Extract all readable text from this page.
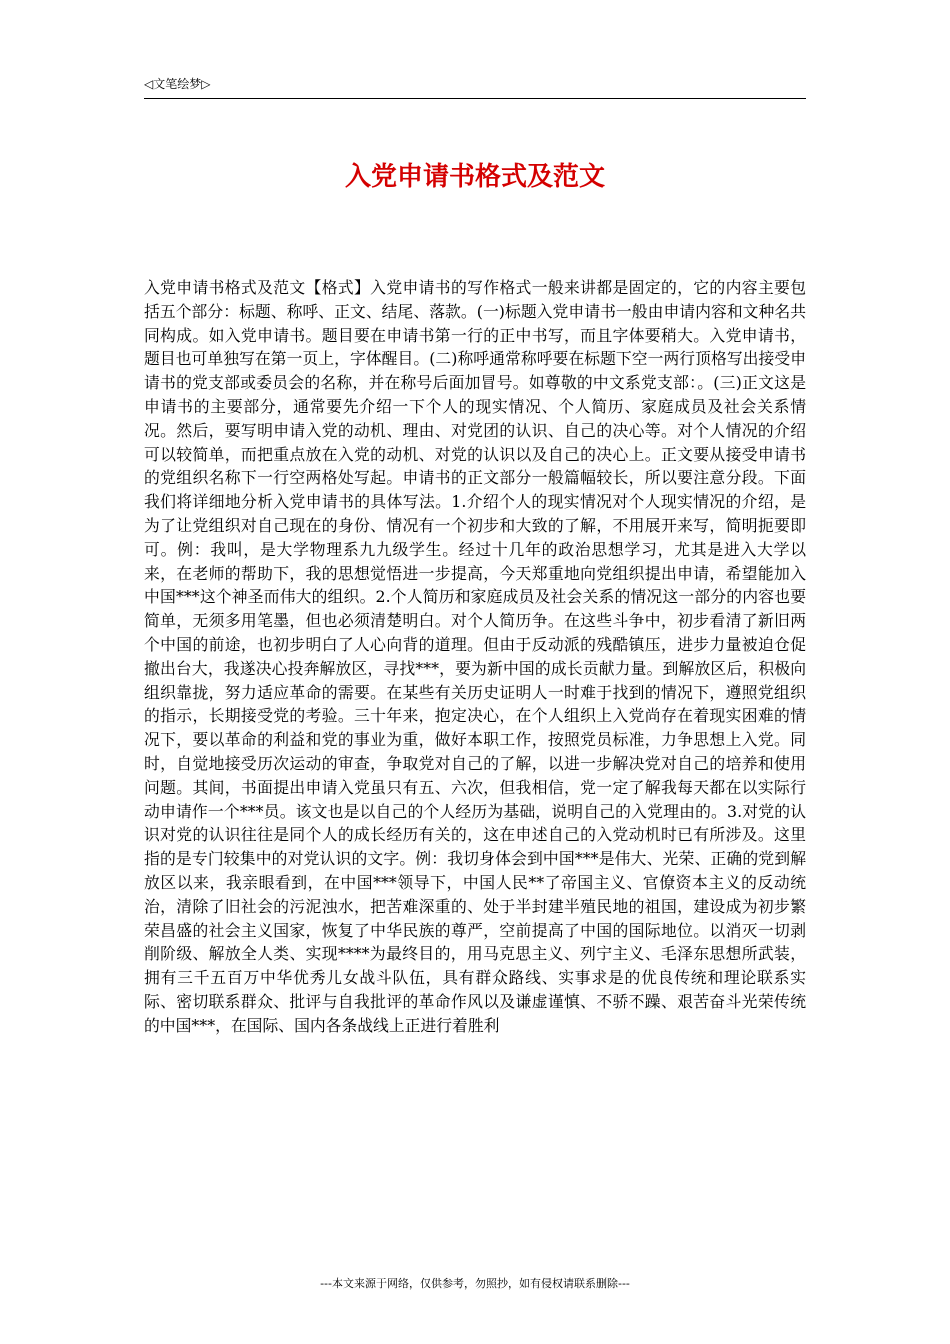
◁文笔绘梦▷
入党申请书格式及范文

入党申请书格式及范文【格式】入党申请书的写作格式一般来讲都是固定的，它的内容主要包括五个部分：标题、称呼、正文、结尾、落款。(一)标题入党申请书一般由申请内容和文种名共同构成。如入党申请书。题目要在申请书第一行的正中书写，而且字体要稍大。入党申请书，题目也可单独写在第一页上，字体醒目。(二)称呼通常称呼要在标题下空一两行顶格写出接受申请书的党支部或委员会的名称，并在称号后面加冒号。如尊敬的中文系党支部：。(三)正文这是申请书的主要部分，通常要先介绍一下个人的现实情况、个人简历、家庭成员及社会关系情况。然后，要写明申请入党的动机、理由、对党团的认识、自己的决心等。对个人情况的介绍可以较简单，而把重点放在入党的动机、对党的认识以及自己的决心上。正文要从接受申请书的党组织名称下一行空两格处写起。申请书的正文部分一般篇幅较长，所以要注意分段。下面我们将详细地分析入党申请书的具体写法。1.介绍个人的现实情况对个人现实情况的介绍，是为了让党组织对自己现在的身份、情况有一个初步和大致的了解，不用展开来写，简明扼要即可。例：我叫，是大学物理系九九级学生。经过十几年的政治思想学习，尤其是进入大学以来，在老师的帮助下，我的思想觉悟进一步提高，今天郑重地向党组织提出申请，希望能加入中国***这个神圣而伟大的组织。2.个人简历和家庭成员及社会关系的情况这一部分的内容也要简单，无须多用笔墨，但也必须清楚明白。对个人简历争。在这些斗争中，初步看清了新旧两个中国的前途，也初步明白了人心向背的道理。但由于反动派的残酷镇压，进步力量被迫仓促撤出台大，我遂决心投奔解放区，寻找***，要为新中国的成长贡献力量。到解放区后，积极向组织靠拢，努力适应革命的需要。在某些有关历史证明人一时难于找到的情况下，遵照党组织的指示，长期接受党的考验。三十年来，抱定决心，在个人组织上入党尚存在着现实困难的情况下，要以革命的利益和党的事业为重，做好本职工作，按照党员标准，力争思想上入党。同时，自觉地接受历次运动的审查，争取党对自己的了解，以进一步解决党对自己的培养和使用问题。其间，书面提出申请入党虽只有五、六次，但我相信，党一定了解我每天都在以实际行动申请作一个***员。该文也是以自己的个人经历为基础，说明自己的入党理由的。3.对党的认识对党的认识往往是同个人的成长经历有关的，这在申述自己的入党动机时已有所涉及。这里指的是专门较集中的对党认识的文字。例：我切身体会到中国***是伟大、光荣、正确的党到解放区以来，我亲眼看到，在中国***领导下，中国人民**了帝国主义、官僚资本主义的反动统治，清除了旧社会的污泥浊水，把苦难深重的、处于半封建半殖民地的祖国，建设成为初步繁荣昌盛的社会主义国家，恢复了中华民族的尊严，空前提高了中国的国际地位。以消灭一切剥削阶级、解放全人类、实现****为最终目的，用马克思主义、列宁主义、毛泽东思想所武装，拥有三千五百万中华优秀儿女战斗队伍，具有群众路线、实事求是的优良传统和理论联系实际、密切联系群众、批评与自我批评的革命作风以及谦虚谨慎、不骄不躁、艰苦奋斗光荣传统的中国***，在国际、国内各条战线上正进行着胜利

---本文来源于网络，仅供参考，勿照抄，如有侵权请联系删除---
